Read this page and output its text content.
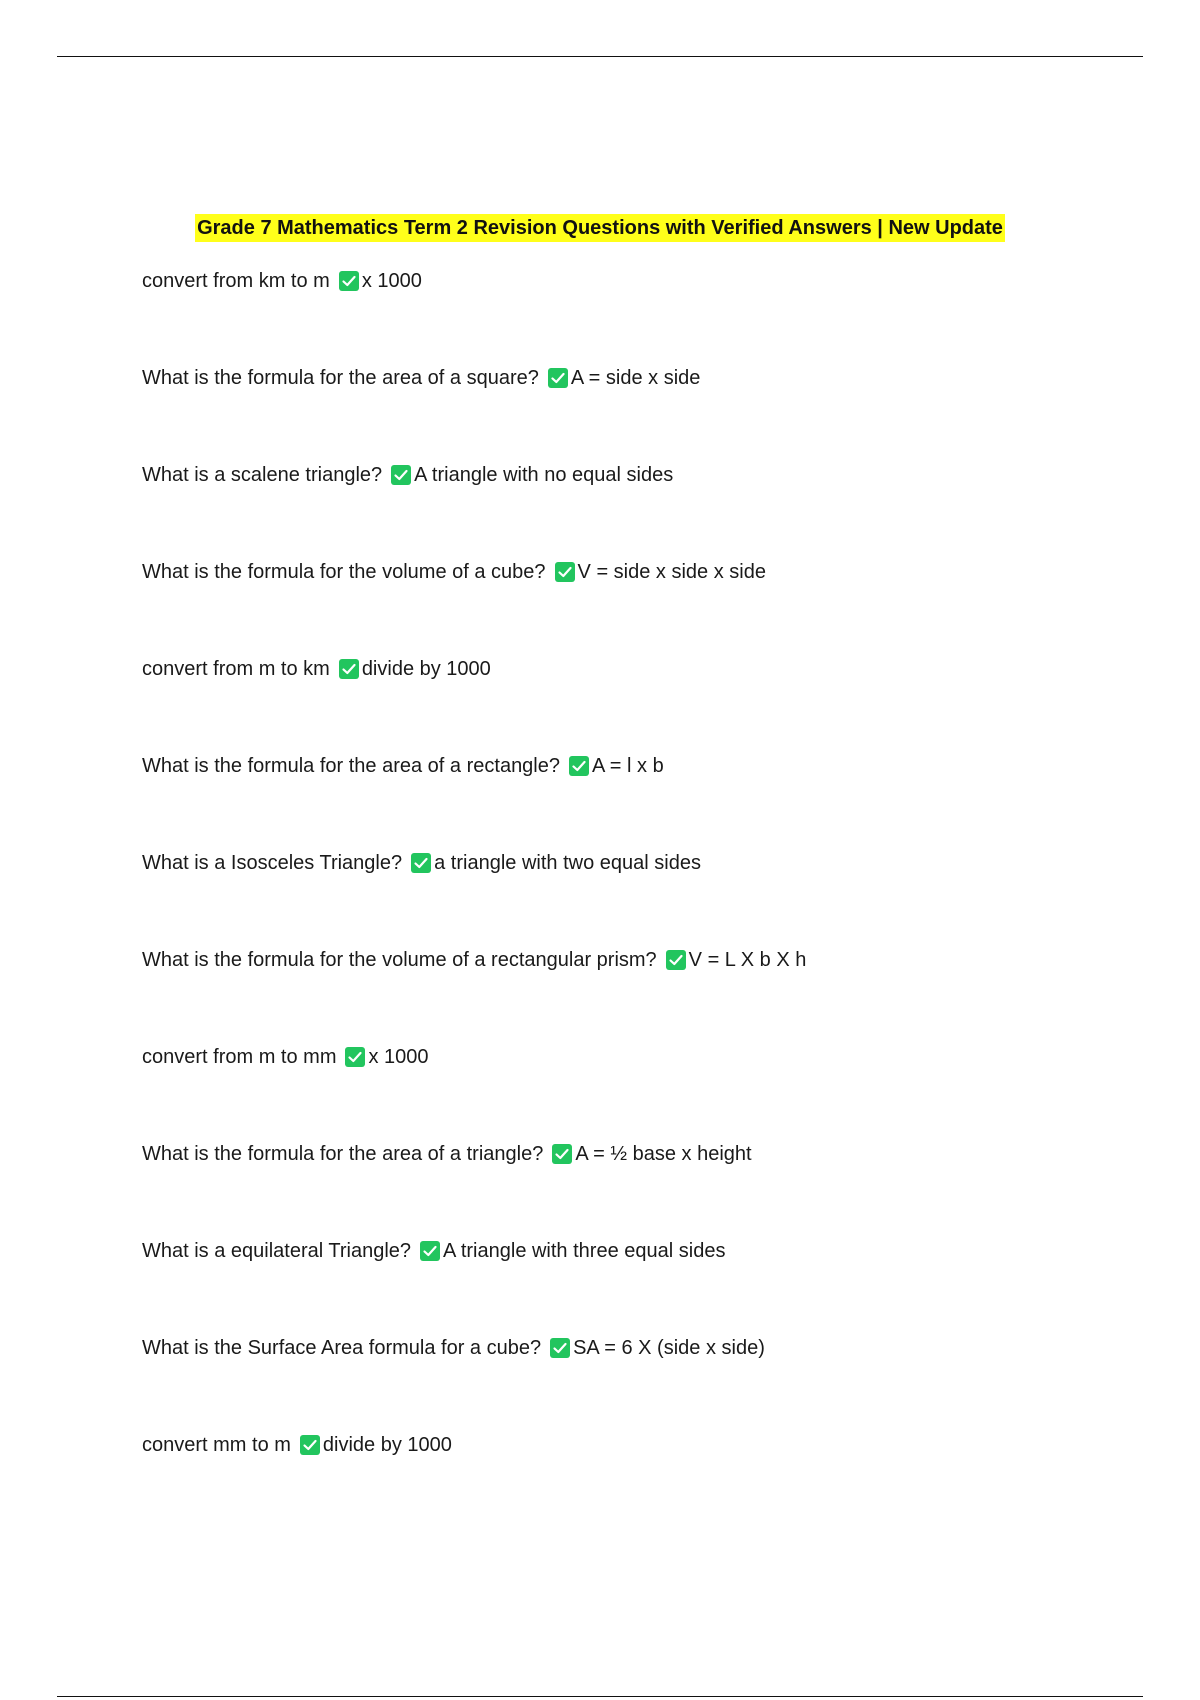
Grade 7 Mathematics Term 2 Revision Questions with Verified Answers | New Update
convert from km to m x 1000
What is the formula for the area of a square? A = side x side
What is a scalene triangle? A triangle with no equal sides
What is the formula for the volume of a cube? V = side x side x side
convert from m to km divide by 1000
What is the formula for the area of a rectangle? A = l x b
What is a Isosceles Triangle? a triangle with two equal sides
What is the formula for the volume of a rectangular prism? V = L X b X h
convert from m to mm x 1000
What is the formula for the area of a triangle? A = ½ base x height
What is a equilateral Triangle? A triangle with three equal sides
What is the Surface Area formula for a cube? SA = 6 X (side x side)
convert mm to m divide by 1000
